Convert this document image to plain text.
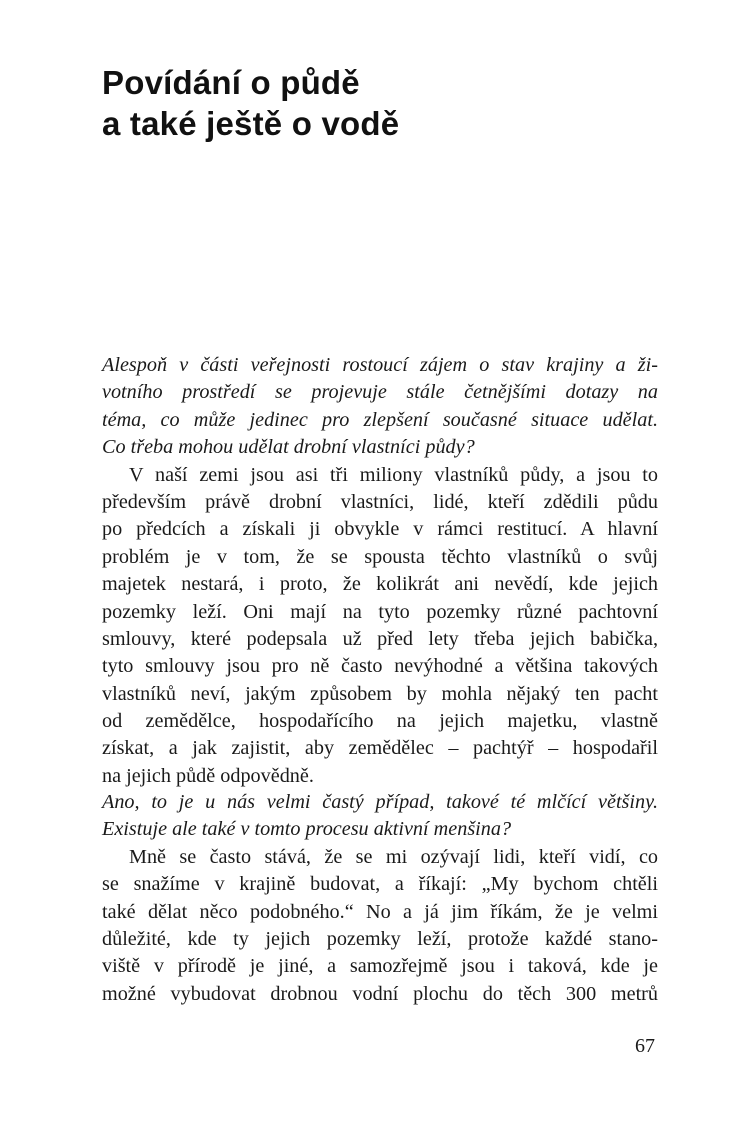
Povídání o půdě
a také ještě o vodě
Alespoň v části veřejnosti rostoucí zájem o stav krajiny a ži-
votního prostředí se projevuje stále četnějšími dotazy na
téma, co může jedinec pro zlepšení současné situace udělat.
Co třeba mohou udělat drobní vlastníci půdy?
V naší zemi jsou asi tři miliony vlastníků půdy, a jsou to
především právě drobní vlastníci, lidé, kteří zdědili půdu
po předcích a získali ji obvykle v rámci restitucí. A hlavní
problém je v tom, že se spousta těchto vlastníků o svůj
majetek nestará, i proto, že kolikrát ani nevědí, kde jejich
pozemky leží. Oni mají na tyto pozemky různé pachtovní
smlouvy, které podepsala už před lety třeba jejich babička,
tyto smlouvy jsou pro ně často nevýhodné a většina takových
vlastníků neví, jakým způsobem by mohla nějaký ten pacht
od zemědělce, hospodařícího na jejich majetku, vlastně
získat, a jak zajistit, aby zemědělec – pachtýř – hospodařil
na jejich půdě odpovědně.
Ano, to je u nás velmi častý případ, takové té mlčící většiny.
Existuje ale také v tomto procesu aktivní menšina?
Mně se často stává, že se mi ozývají lidi, kteří vidí, co
se snažíme v krajině budovat, a říkají: „My bychom chtěli
také dělat něco podobného.“ No a já jim říkám, že je velmi
důležité, kde ty jejich pozemky leží, protože každé stano-
viště v přírodě je jiné, a samozřejmě jsou i taková, kde je
možné vybudovat drobnou vodní plochu do těch 300 metrů
67
